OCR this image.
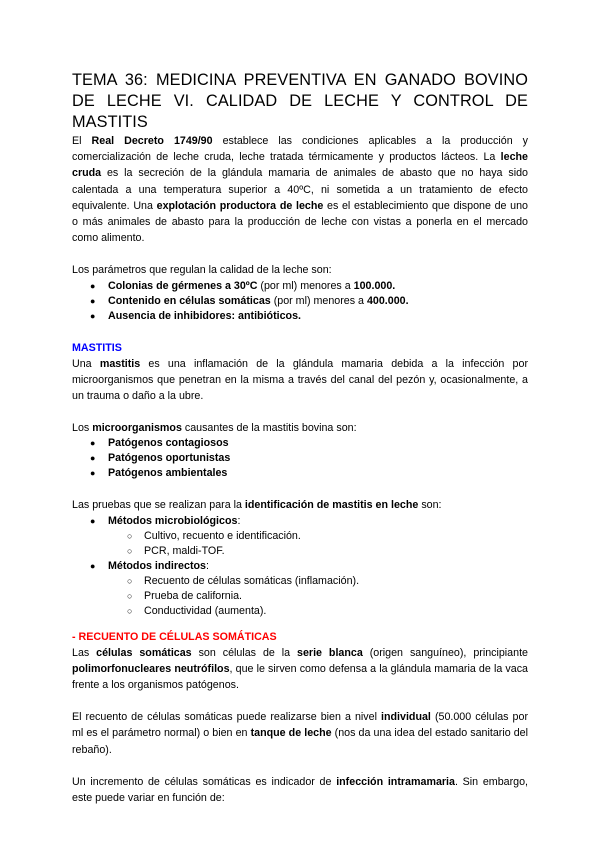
TEMA 36: MEDICINA PREVENTIVA EN GANADO BOVINO DE LECHE VI. CALIDAD DE LECHE Y CONTROL DE MASTITIS

El Real Decreto 1749/90 establece las condiciones aplicables a la producción y comercialización de leche cruda, leche tratada térmicamente y productos lácteos. La leche cruda es la secreción de la glándula mamaria de animales de abasto que no haya sido calentada a una temperatura superior a 40ºC, ni sometida a un tratamiento de efecto equivalente. Una explotación productora de leche es el establecimiento que dispone de uno o más animales de abasto para la producción de leche con vistas a ponerla en el mercado como alimento.

Los parámetros que regulan la calidad de la leche son:

● Colonias de gérmenes a 30ºC (por ml) menores a 100.000.
● Contenido en células somáticas (por ml) menores a 400.000.
● Ausencia de inhibidores: antibióticos.

MASTITIS

Una mastitis es una inflamación de la glándula mamaria debida a la infección por microorganismos que penetran en la misma a través del canal del pezón y, ocasionalmente, a un trauma o daño a la ubre.

Los microorganismos causantes de la mastitis bovina son:

● Patógenos contagiosos
● Patógenos oportunistas
● Patógenos ambientales

Las pruebas que se realizan para la identificación de mastitis en leche son:

● Métodos microbiológicos:
○ Cultivo, recuento e identificación.
○ PCR, maldi-TOF.
● Métodos indirectos:
○ Recuento de células somáticas (inflamación).
○ Prueba de california.
○ Conductividad (aumenta).

- RECUENTO DE CÉLULAS SOMÁTICAS

Las células somáticas son células de la serie blanca (origen sanguíneo), principiante polimorfonucleares neutrófilos, que le sirven como defensa a la glándula mamaria de la vaca frente a los organismos patógenos.

El recuento de células somáticas puede realizarse bien a nivel individual (50.000 células por ml es el parámetro normal) o bien en tanque de leche (nos da una idea del estado sanitario del rebaño).

Un incremento de células somáticas es indicador de infección intramamaria. Sin embargo, este puede variar en función de:
